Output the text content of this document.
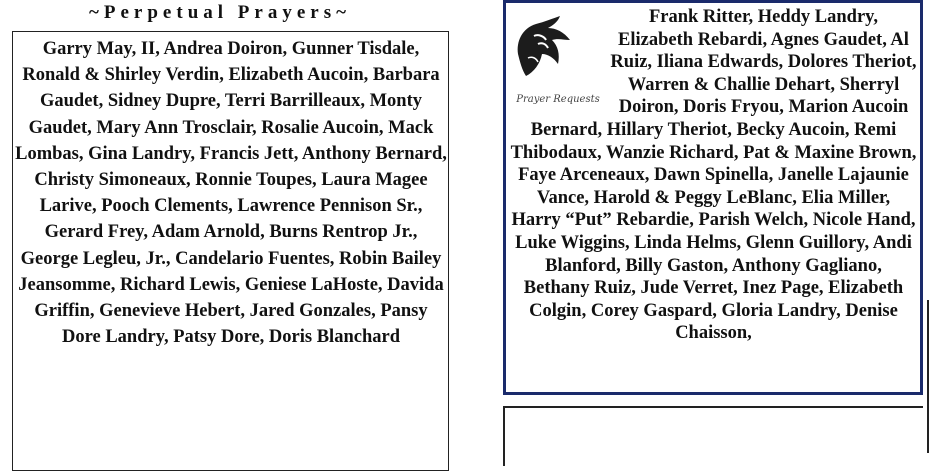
~Perpetual Prayers~
Garry May, II, Andrea Doiron, Gunner Tisdale, Ronald & Shirley Verdin, Elizabeth Aucoin, Barbara Gaudet, Sidney Dupre, Terri Barrilleaux, Monty Gaudet, Mary Ann Trosclair, Rosalie Aucoin, Mack Lombas, Gina Landry, Francis Jett, Anthony Bernard, Christy Simoneaux, Ronnie Toupes, Laura Magee Larive, Pooch Clements, Lawrence Pennison Sr., Gerard Frey, Adam Arnold, Burns Rentrop Jr., George Legleu, Jr., Candelario Fuentes, Robin Bailey Jeansomme, Richard Lewis, Geniese LaHoste, Davida Griffin, Genevieve Hebert, Jared Gonzales, Pansy Dore Landry, Patsy Dore, Doris Blanchard
Prayer Requests
Frank Ritter, Heddy Landry, Elizabeth Rebardi, Agnes Gaudet, Al Ruiz, Iliana Edwards, Dolores Theriot, Warren & Challie Dehart, Sherryl Doiron, Doris Fryou, Marion Aucoin Bernard, Hillary Theriot, Becky Aucoin, Remi Thibodaux, Wanzie Richard, Pat & Maxine Brown, Faye Arceneaux, Dawn Spinella, Janelle Lajaunie Vance, Harold & Peggy LeBlanc, Elia Miller, Harry “Put” Rebardie, Parish Welch, Nicole Hand, Luke Wiggins, Linda Helms, Glenn Guillory, Andi Blanford, Billy Gaston, Anthony Gagliano, Bethany Ruiz, Jude Verret, Inez Page, Elizabeth Colgin, Corey Gaspard, Gloria Landry, Denise Chaisson,
